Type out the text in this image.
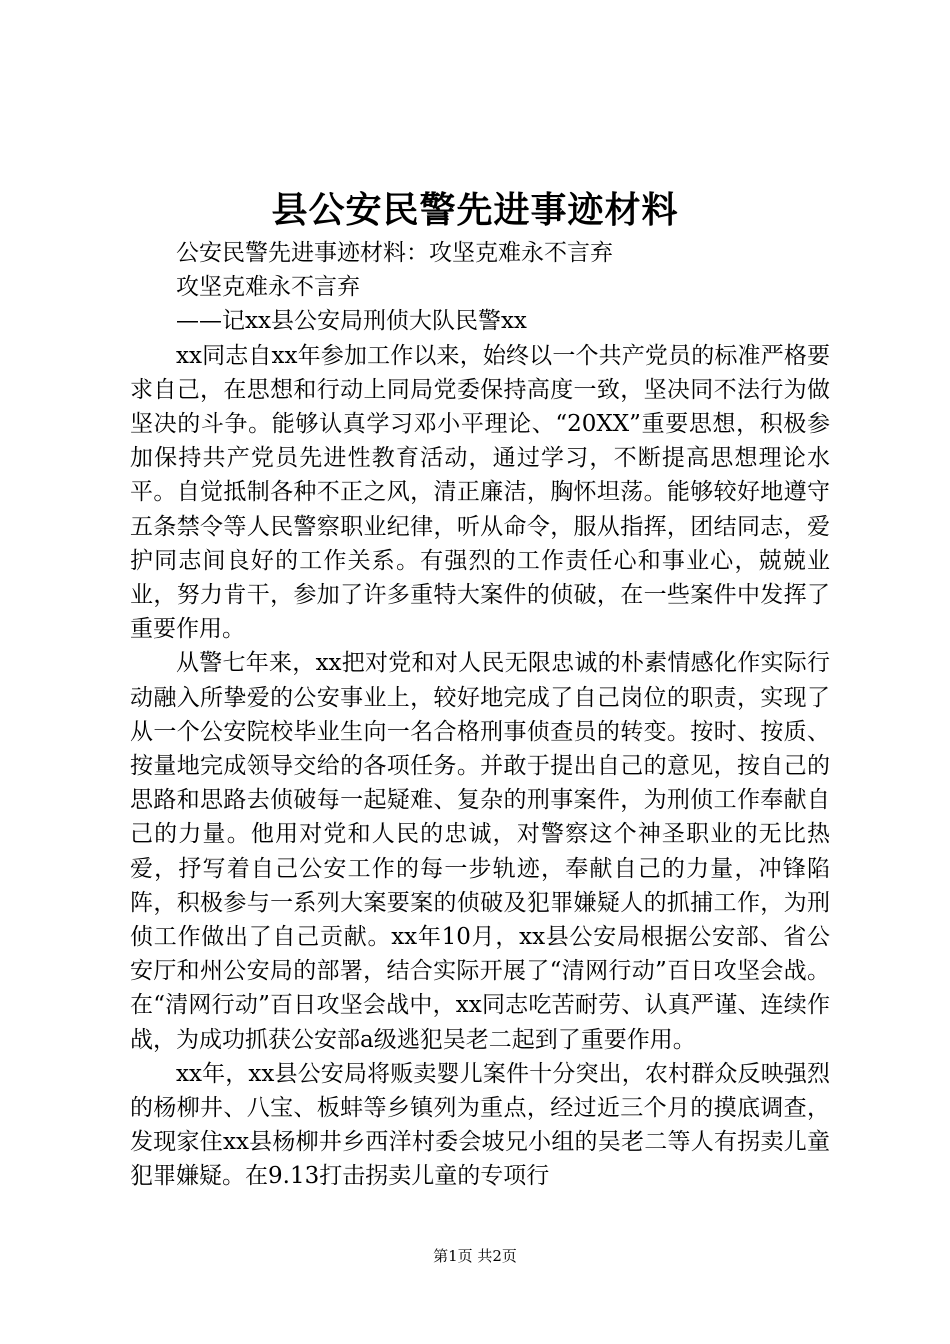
县公安民警先进事迹材料

公安民警先进事迹材料：攻坚克难永不言弃

攻坚克难永不言弃

——记xx县公安局刑侦大队民警xx

xx同志自xx年参加工作以来，始终以一个共产党员的标准严格要求自己，在思想和行动上同局党委保持高度一致，坚决同不法行为做坚决的斗争。能够认真学习邓小平理论、“20XX”重要思想，积极参加保持共产党员先进性教育活动，通过学习，不断提高思想理论水平。自觉抵制各种不正之风，清正廉洁，胸怀坦荡。能够较好地遵守五条禁令等人民警察职业纪律，听从命令，服从指挥，团结同志，爱护同志间良好的工作关系。有强烈的工作责任心和事业心，兢兢业业，努力肯干，参加了许多重特大案件的侦破，在一些案件中发挥了重要作用。

从警七年来，xx把对党和对人民无限忠诚的朴素情感化作实际行动融入所挚爱的公安事业上，较好地完成了自己岗位的职责，实现了从一个公安院校毕业生向一名合格刑事侦查员的转变。按时、按质、按量地完成领导交给的各项任务。并敢于提出自己的意见，按自己的思路和思路去侦破每一起疑难、复杂的刑事案件，为刑侦工作奉献自己的力量。他用对党和人民的忠诚，对警察这个神圣职业的无比热爱，抒写着自己公安工作的每一步轨迹，奉献自己的力量，冲锋陷阵，积极参与一系列大案要案的侦破及犯罪嫌疑人的抓捕工作，为刑侦工作做出了自己贡献。xx年10月，xx县公安局根据公安部、省公安厅和州公安局的部署，结合实际开展了“清网行动”百日攻坚会战。在“清网行动”百日攻坚会战中，xx同志吃苦耐劳、认真严谨、连续作战，为成功抓获公安部a级逃犯吴老二起到了重要作用。

xx年，xx县公安局将贩卖婴儿案件十分突出，农村群众反映强烈的杨柳井、八宝、板蚌等乡镇列为重点，经过近三个月的摸底调查，发现家住xx县杨柳井乡西洋村委会坡兄小组的吴老二等人有拐卖儿童犯罪嫌疑。在9.13打击拐卖儿童的专项行

第1页 共2页
